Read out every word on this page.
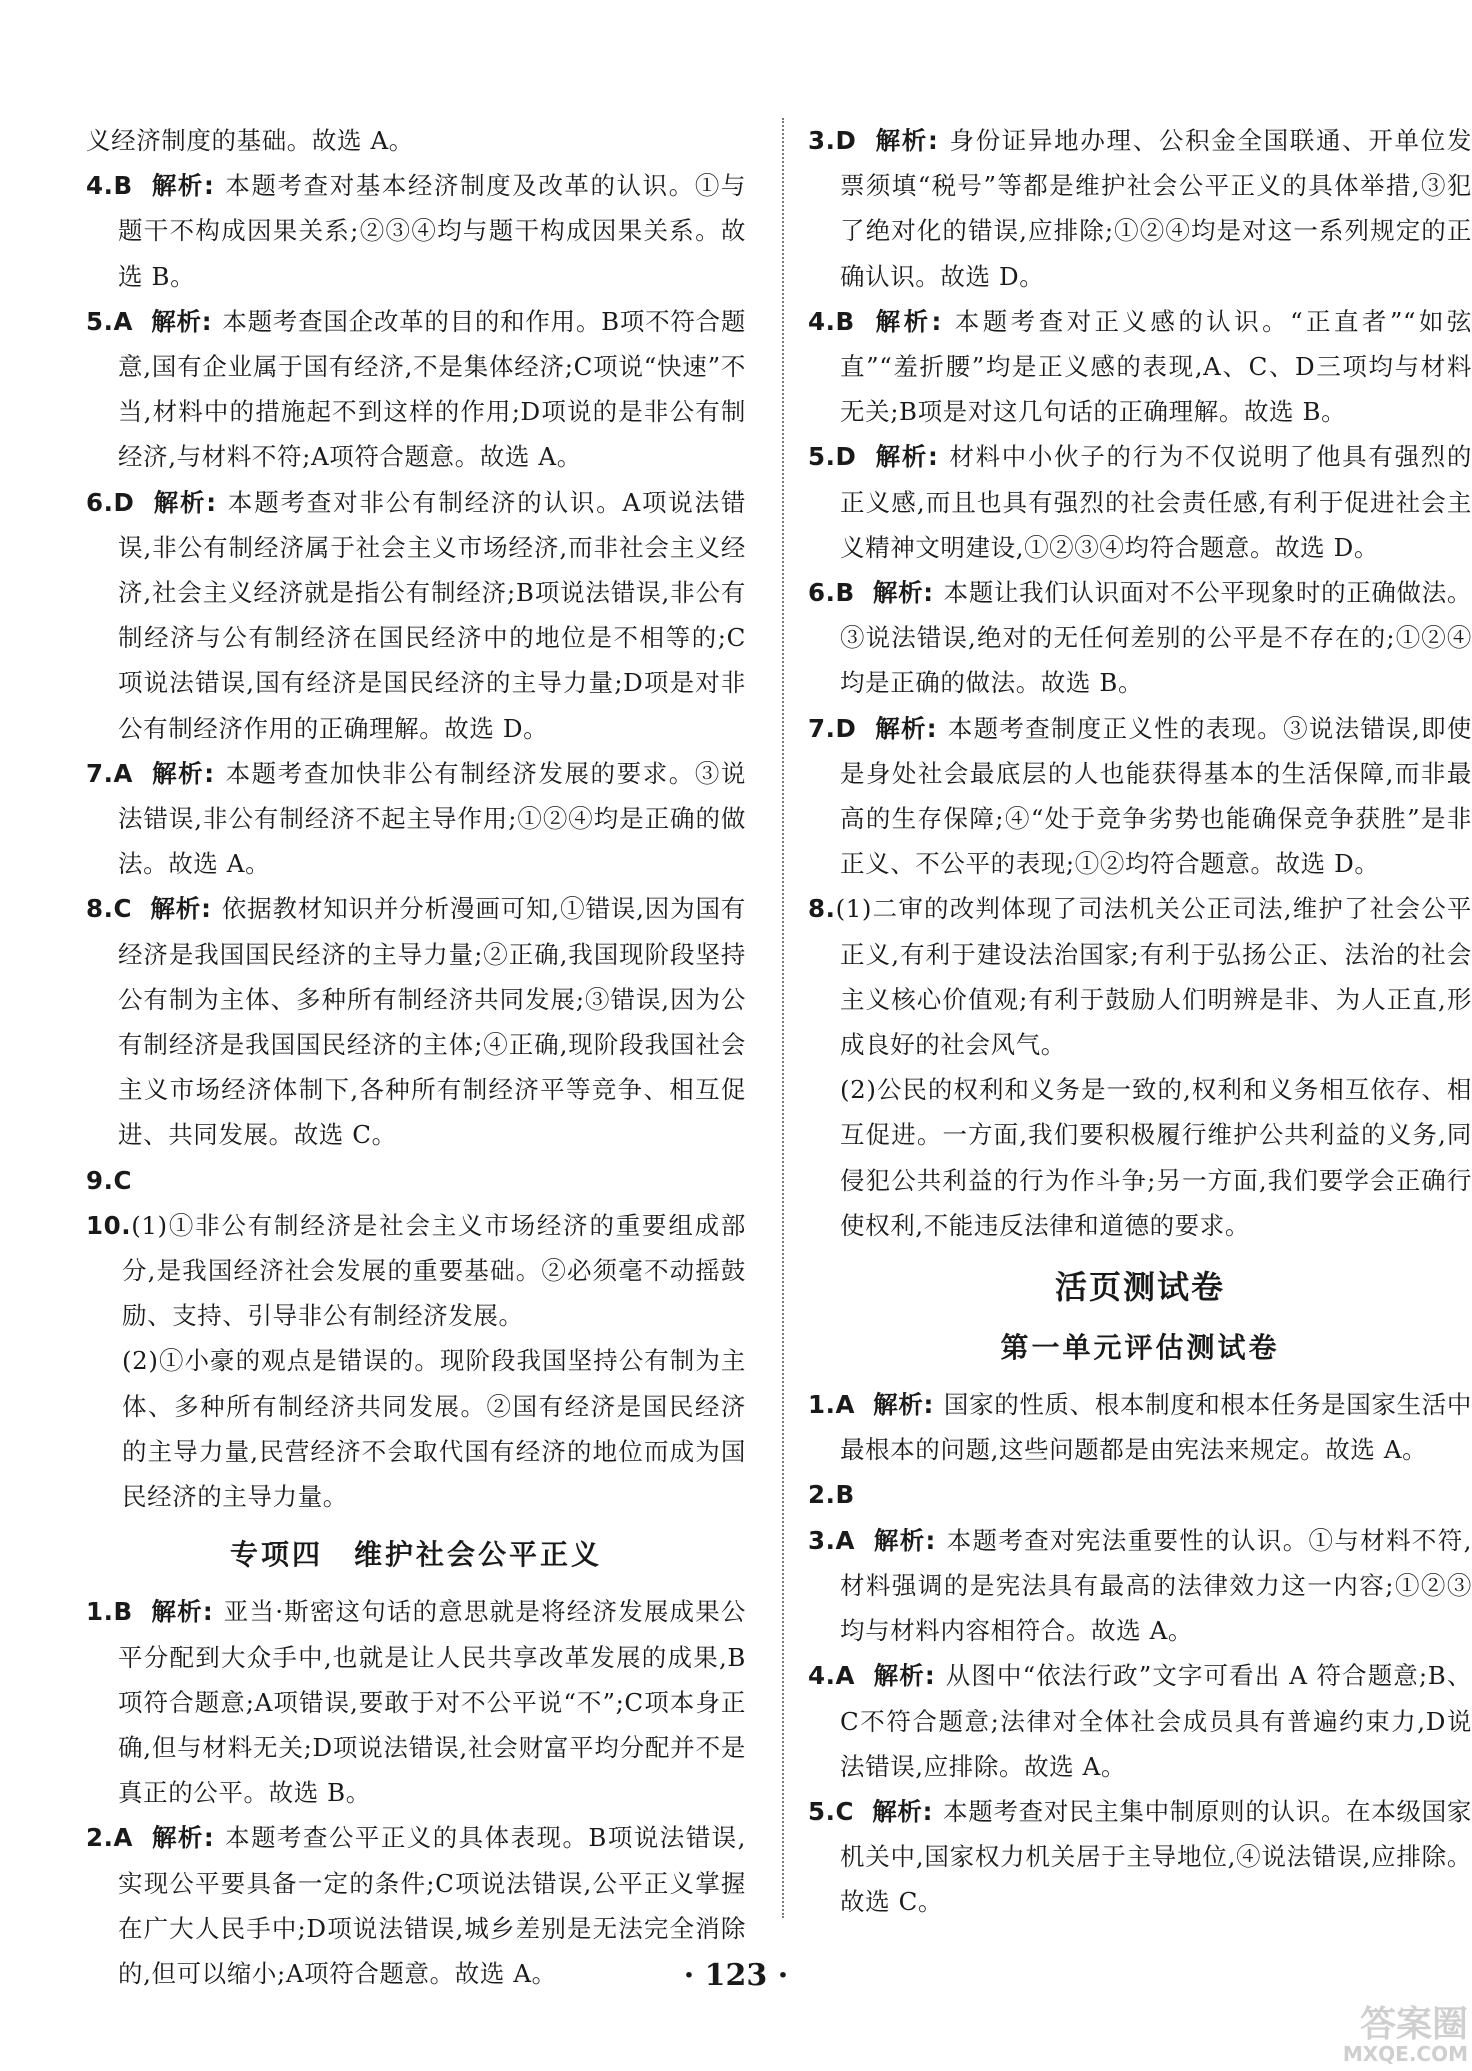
义经济制度的基础。故选 A。
4.B 解析: 本题考查对基本经济制度及改革的认识。①与题干不构成因果关系;②③④均与题干构成因果关系。故选 B。
5.A 解析: 本题考查国企改革的目的和作用。B项不符合题意,国有企业属于国有经济,不是集体经济;C项说“快速”不当,材料中的措施起不到这样的作用;D项说的是非公有制经济,与材料不符;A项符合题意。故选 A。
6.D 解析: 本题考查对非公有制经济的认识。A项说法错误,非公有制经济属于社会主义市场经济,而非社会主义经济,社会主义经济就是指公有制经济;B项说法错误,非公有制经济与公有制经济在国民经济中的地位是不相等的;C项说法错误,国有经济是国民经济的主导力量;D项是对非公有制经济作用的正确理解。故选 D。
7.A 解析: 本题考查加快非公有制经济发展的要求。③说法错误,非公有制经济不起主导作用;①②④均是正确的做法。故选 A。
8.C 解析: 依据教材知识并分析漫画可知,①错误,因为国有经济是我国国民经济的主导力量;②正确,我国现阶段坚持公有制为主体、多种所有制经济共同发展;③错误,因为公有制经济是我国国民经济的主体;④正确,现阶段我国社会主义市场经济体制下,各种所有制经济平等竞争、相互促进、共同发展。故选 C。
9.C
10.(1)①非公有制经济是社会主义市场经济的重要组成部分,是我国经济社会发展的重要基础。②必须毫不动摇鼓励、支持、引导非公有制经济发展。
(2)①小豪的观点是错误的。现阶段我国坚持公有制为主体、多种所有制经济共同发展。②国有经济是国民经济的主导力量,民营经济不会取代国有经济的地位而成为国民经济的主导力量。
专项四　维护社会公平正义
1.B 解析: 亚当·斯密这句话的意思就是将经济发展成果公平分配到大众手中,也就是让人民共享改革发展的成果,B项符合题意;A项错误,要敢于对不公平说“不”;C项本身正确,但与材料无关;D项说法错误,社会财富平均分配并不是真正的公平。故选 B。
2.A 解析: 本题考查公平正义的具体表现。B项说法错误,实现公平要具备一定的条件;C项说法错误,公平正义掌握在广大人民手中;D项说法错误,城乡差别是无法完全消除的,但可以缩小;A项符合题意。故选 A。
3.D 解析: 身份证异地办理、公积金全国联通、开单位发票须填“税号”等都是维护社会公平正义的具体举措,③犯了绝对化的错误,应排除;①②④均是对这一系列规定的正确认识。故选 D。
4.B 解析: 本题考查对正义感的认识。“正直者”“如弦直”“羞折腰”均是正义感的表现,A、C、D三项均与材料无关;B项是对这几句话的正确理解。故选 B。
5.D 解析: 材料中小伙子的行为不仅说明了他具有强烈的正义感,而且也具有强烈的社会责任感,有利于促进社会主义精神文明建设,①②③④均符合题意。故选 D。
6.B 解析: 本题让我们认识面对不公平现象时的正确做法。③说法错误,绝对的无任何差别的公平是不存在的;①②④均是正确的做法。故选 B。
7.D 解析: 本题考查制度正义性的表现。③说法错误,即使是身处社会最底层的人也能获得基本的生活保障,而非最高的生存保障;④“处于竞争劣势也能确保竞争获胜”是非正义、不公平的表现;①②均符合题意。故选 D。
8.(1)二审的改判体现了司法机关公正司法,维护了社会公平正义,有利于建设法治国家;有利于弘扬公正、法治的社会主义核心价值观;有利于鼓励人们明辨是非、为人正直,形成良好的社会风气。
(2)公民的权利和义务是一致的,权利和义务相互依存、相互促进。一方面,我们要积极履行维护公共利益的义务,同侵犯公共利益的行为作斗争;另一方面,我们要学会正确行使权利,不能违反法律和道德的要求。
活页测试卷
第一单元评估测试卷
1.A 解析: 国家的性质、根本制度和根本任务是国家生活中最根本的问题,这些问题都是由宪法来规定。故选 A。
2.B
3.A 解析: 本题考查对宪法重要性的认识。①与材料不符,材料强调的是宪法具有最高的法律效力这一内容;①②③均与材料内容相符合。故选 A。
4.A 解析: 从图中“依法行政”文字可看出 A 符合题意;B、C不符合题意;法律对全体社会成员具有普遍约束力,D说法错误,应排除。故选 A。
5.C 解析: 本题考查对民主集中制原则的认识。在本级国家机关中,国家权力机关居于主导地位,④说法错误,应排除。故选 C。
· 123 ·
答案圈
MXQE.COM
